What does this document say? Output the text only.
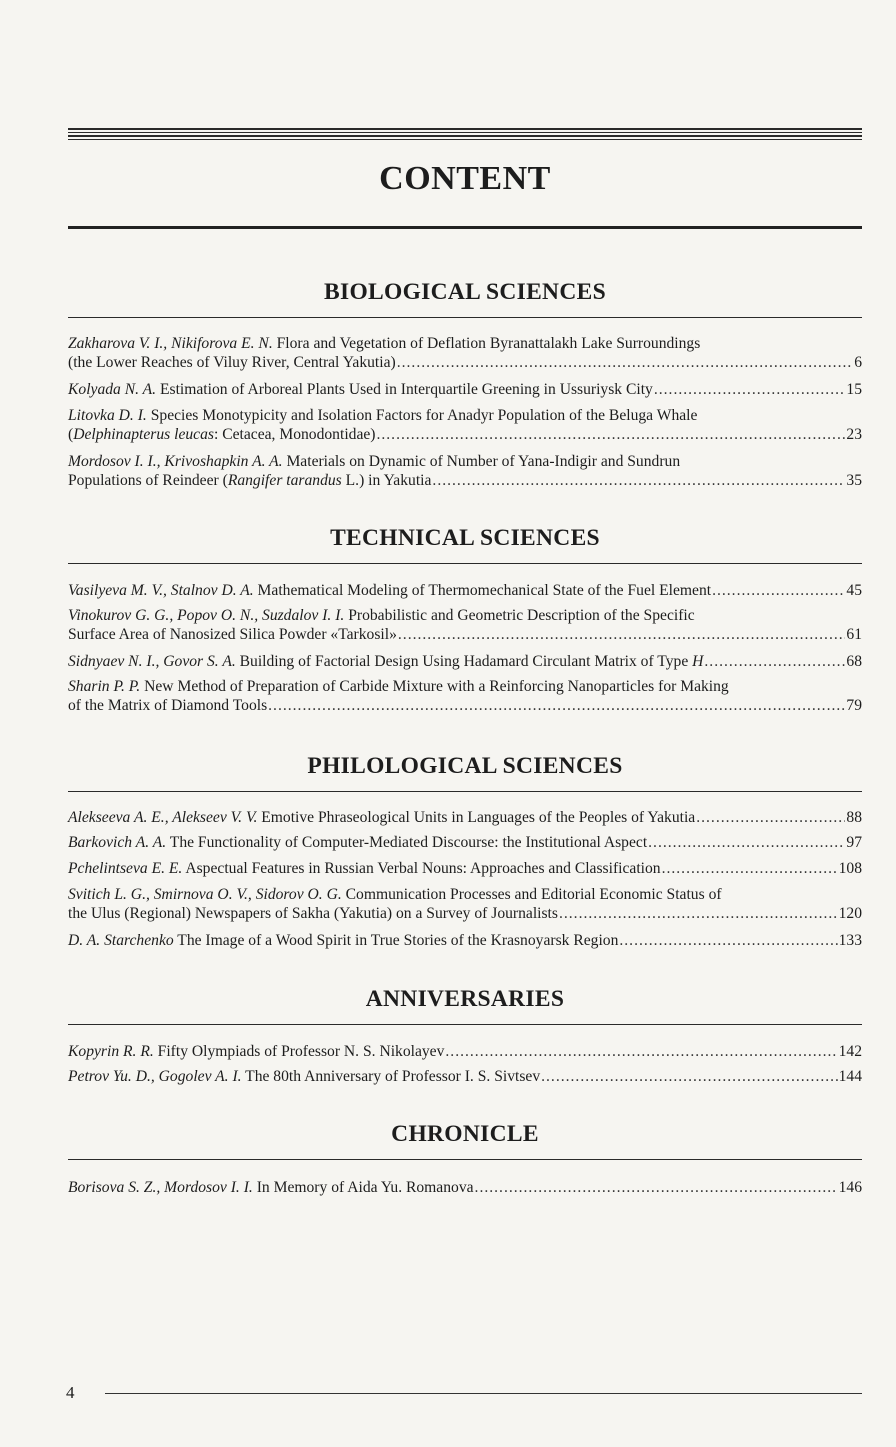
CONTENT
BIOLOGICAL SCIENCES
Zakharova V. I., Nikiforova E. N. Flora and Vegetation of Deflation Byranattalakh Lake Surroundings
(the Lower Reaches of Viluy River, Central Yakutia) .....	6
Kolyada N. A. Estimation of Arboreal Plants Used in Interquartile Greening in Ussuriysk City .....	15
Litovka D. I. Species Monotypicity and Isolation Factors for Anadyr Population of the Beluga Whale
(Delphinapterus leucas: Cetacea, Monodontidae) .....	23
Mordosov I. I., Krivoshapkin A. A. Materials on Dynamic of Number of Yana-Indigir and Sundrun
Populations of Reindeer (Rangifer tarandus L.) in Yakutia .....	35
TECHNICAL SCIENCES
Vasilyeva M. V., Stalnov D. A. Mathematical Modeling of Thermomechanical State of the Fuel Element .....	45
Vinokurov G. G., Popov O. N., Suzdalov I. I. Probabilistic and Geometric Description of the Specific
Surface Area of Nanosized Silica Powder «Tarkosil» .....	61
Sidnyaev N. I., Govor S. A. Building of Factorial Design Using Hadamard Circulant Matrix of Type H .....	68
Sharin P. P. New Method of Preparation of Carbide Mixture with a Reinforcing Nanoparticles for Making
of the Matrix of Diamond Tools .....	79
PHILOLOGICAL SCIENCES
Alekseeva A. E., Alekseev V. V. Emotive Phraseological Units in Languages of the Peoples of Yakutia .....	88
Barkovich A. A. The Functionality of Computer-Mediated Discourse: the Institutional Aspect .....	97
Pchelintseva E. E. Aspectual Features in Russian Verbal Nouns: Approaches and Classification .....	108
Svitich L. G., Smirnova O. V., Sidorov O. G. Communication Processes and Editorial Economic Status of
the Ulus (Regional) Newspapers of Sakha (Yakutia) on a Survey of Journalists .....	120
D. A. Starchenko The Image of a Wood Spirit in True Stories of the Krasnoyarsk Region .....	133
ANNIVERSARIES
Kopyrin R. R. Fifty Olympiads of Professor N. S. Nikolayev .....	142
Petrov Yu. D., Gogolev A. I. The 80th Anniversary of Professor I. S. Sivtsev .....	144
CHRONICLE
Borisova S. Z., Mordosov I. I. In Memory of Aida Yu. Romanova .....	146
4
